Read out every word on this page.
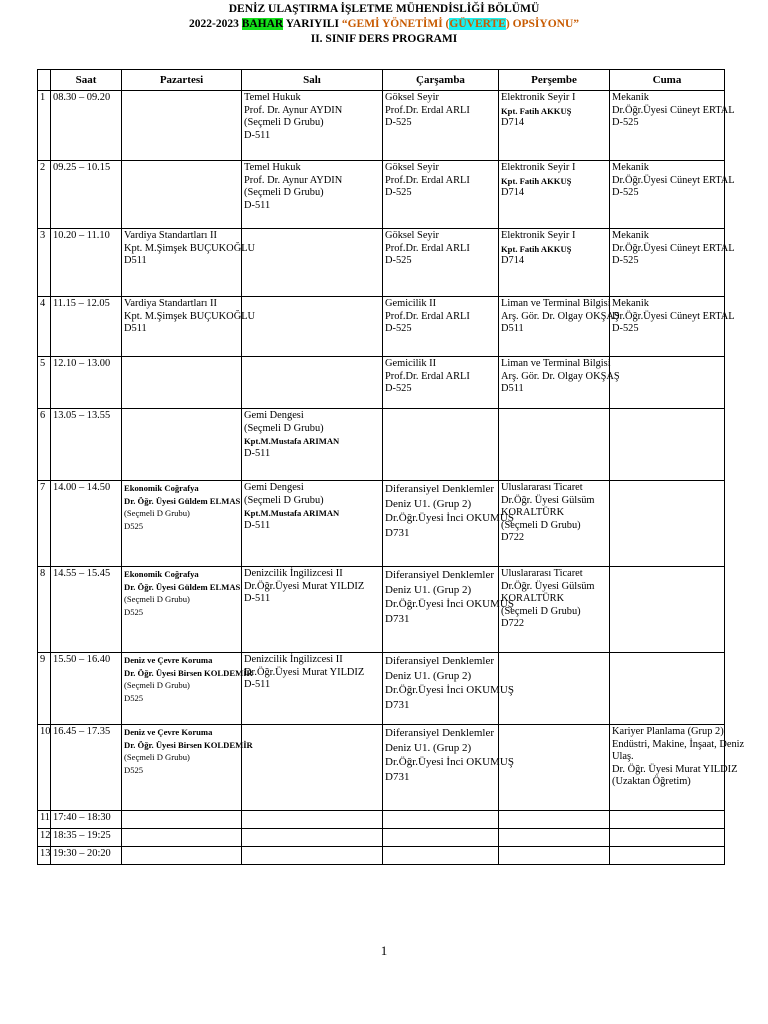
DENİZ ULAŞTIRMA İŞLETME MÜHENDİSLİĞİ BÖLÜMÜ
2022-2023 BAHAR YARIYILI “GEMİ YÖNETİMİ (GÜVERTE) OPSİYONU”
II. SINIF DERS PROGRAMI
	Saat	Pazartesi	Salı	Çarşamba	Perşembe	Cuma
1	08.30 – 09.20		Temel Hukuk
Prof. Dr. Aynur AYDIN
(Seçmeli D Grubu)
D-511	Göksel Seyir
Prof.Dr. Erdal ARLI
D-525	Elektronik Seyir I
Kpt. Fatih AKKUŞ
D714	Mekanik
Dr.Öğr.Üyesi Cüneyt ERTAL
D-525

2	09.25 – 10.15		Temel Hukuk
Prof. Dr. Aynur AYDIN
(Seçmeli D Grubu)
D-511	Göksel Seyir
Prof.Dr. Erdal ARLI
D-525	Elektronik Seyir I
Kpt. Fatih AKKUŞ
D714	Mekanik
Dr.Öğr.Üyesi Cüneyt ERTAL
D-525

3	10.20 – 11.10	Vardiya Standartları II
Kpt. M.Şimşek BUÇUKOĞLU
D511		Göksel Seyir
Prof.Dr. Erdal ARLI
D-525	Elektronik Seyir I
Kpt. Fatih AKKUŞ
D714	Mekanik
Dr.Öğr.Üyesi Cüneyt ERTAL
D-525

4	11.15 – 12.05	Vardiya Standartları II
Kpt. M.Şimşek BUÇUKOĞLU
D511		Gemicilik II
Prof.Dr. Erdal ARLI
D-525	Liman ve Terminal Bilgisi
Arş. Gör. Dr. Olgay OKŞAŞ
D511	Mekanik
Dr.Öğr.Üyesi Cüneyt ERTAL
D-525

5	12.10 – 13.00			Gemicilik II
Prof.Dr. Erdal ARLI
D-525	Liman ve Terminal Bilgisi
Arş. Gör. Dr. Olgay OKŞAŞ
D511	

6	13.05 – 13.55		Gemi Dengesi
(Seçmeli D Grubu)
Kpt.M.Mustafa ARIMAN
D-511			

7	14.00 – 14.50	Ekonomik Coğrafya
Dr. Öğr. Üyesi Güldem ELMAS
(Seçmeli D Grubu)
D525	Gemi Dengesi
(Seçmeli D Grubu)
Kpt.M.Mustafa ARIMAN
D-511	Diferansiyel Denklemler
Deniz U1. (Grup 2)
Dr.Öğr.Üyesi İnci OKUMUŞ
D731	Uluslararası Ticaret
Dr.Öğr. Üyesi Gülsüm
KORALTÜRK
(Seçmeli D Grubu)
D722	

8	14.55 – 15.45	Ekonomik Coğrafya
Dr. Öğr. Üyesi Güldem ELMAS
(Seçmeli D Grubu)
D525	Denizcilik İngilizcesi II
Dr.Öğr.Üyesi Murat YILDIZ
D-511	Diferansiyel Denklemler
Deniz U1. (Grup 2)
Dr.Öğr.Üyesi İnci OKUMUŞ
D731	Uluslararası Ticaret
Dr.Öğr. Üyesi Gülsüm
KORALTÜRK
(Seçmeli D Grubu)
D722	

9	15.50 – 16.40	Deniz ve Çevre Koruma
Dr. Öğr. Üyesi Birsen KOLDEMİR
(Seçmeli D Grubu)
D525	Denizcilik İngilizcesi II
Dr.Öğr.Üyesi Murat YILDIZ
D-511	Diferansiyel Denklemler
Deniz U1. (Grup 2)
Dr.Öğr.Üyesi İnci OKUMUŞ
D731		

10	16.45 – 17.35	Deniz ve Çevre Koruma
Dr. Öğr. Üyesi Birsen KOLDEMİR
(Seçmeli D Grubu)
D525		Diferansiyel Denklemler
Deniz U1. (Grup 2)
Dr.Öğr.Üyesi İnci OKUMUŞ
D731		Kariyer Planlama (Grup 2)
Endüstri, Makine, İnşaat, Deniz
Ulaş.
Dr. Öğr. Üyesi Murat YILDIZ
(Uzaktan Öğretim)

11	17:40 – 18:30					
12	18:35 – 19:25					
13	19:30 – 20:20					
1
